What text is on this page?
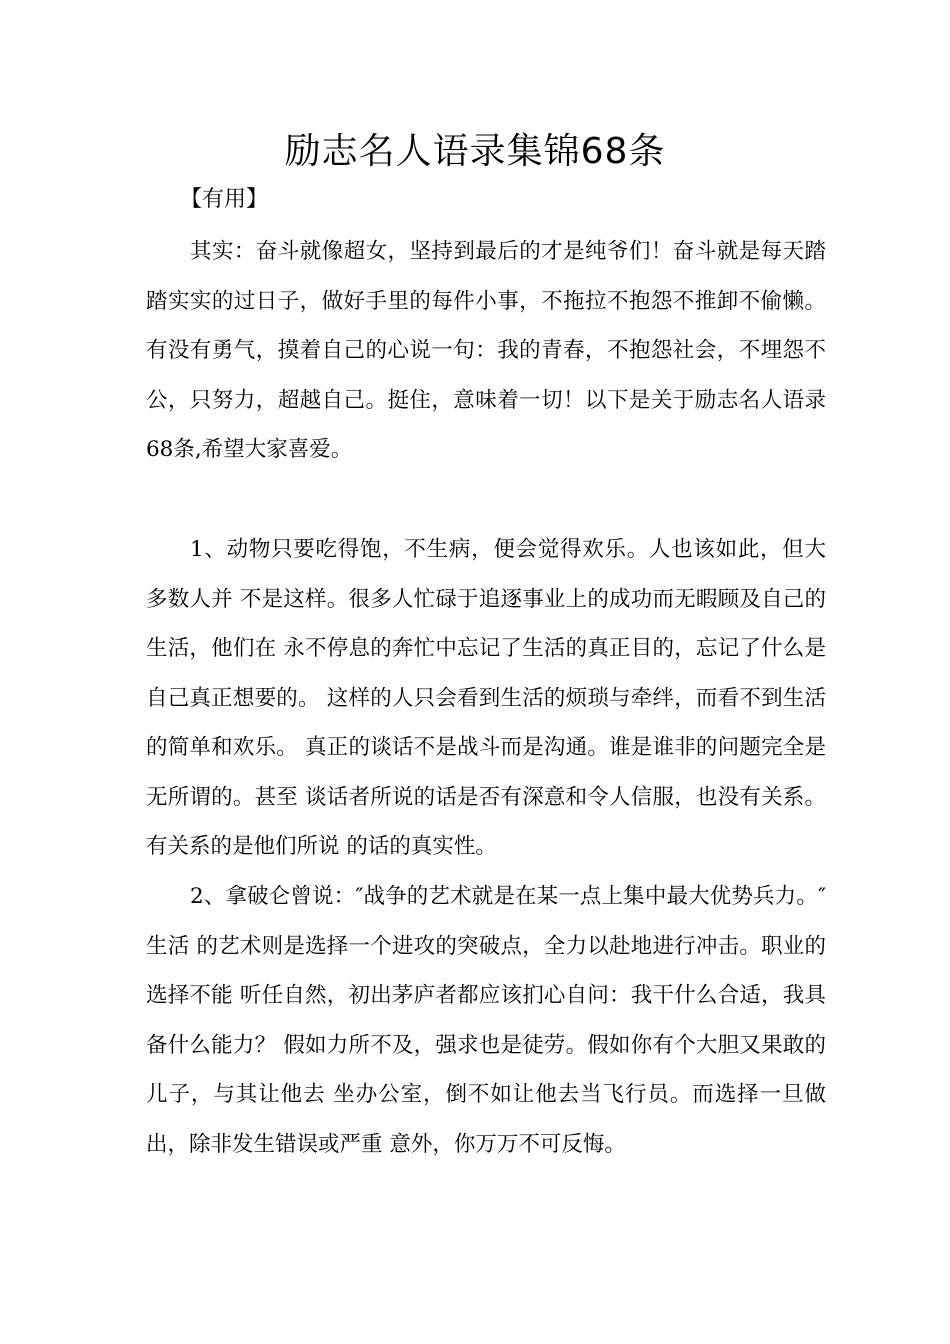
励志名人语录集锦68条

【有用】

其实：奋斗就像超女，坚持到最后的才是纯爷们！奋斗就是每天踏踏实实的过日子，做好手里的每件小事，不拖拉不抱怨不推卸不偷懒。有没有勇气，摸着自己的心说一句：我的青春，不抱怨社会，不埋怨不公，只努力，超越自己。挺住，意味着一切！以下是关于励志名人语录68条,希望大家喜爱。

1、动物只要吃得饱，不生病，便会觉得欢乐。人也该如此，但大多数人并 不是这样。很多人忙碌于追逐事业上的成功而无暇顾及自己的生活，他们在 永不停息的奔忙中忘记了生活的真正目的，忘记了什么是自己真正想要的。 这样的人只会看到生活的烦琐与牵绊，而看不到生活的简单和欢乐。 真正的谈话不是战斗而是沟通。谁是谁非的问题完全是无所谓的。甚至 谈话者所说的话是否有深意和令人信服，也没有关系。有关系的是他们所说 的话的真实性。

2、拿破仑曾说：″战争的艺术就是在某一点上集中最大优势兵力。″生活 的艺术则是选择一个进攻的突破点，全力以赴地进行冲击。职业的选择不能 听任自然，初出茅庐者都应该扪心自问：我干什么合适，我具备什么能力？ 假如力所不及，强求也是徒劳。假如你有个大胆又果敢的儿子，与其让他去 坐办公室，倒不如让他去当飞行员。而选择一旦做出，除非发生错误或严重 意外，你万万不可反悔。
